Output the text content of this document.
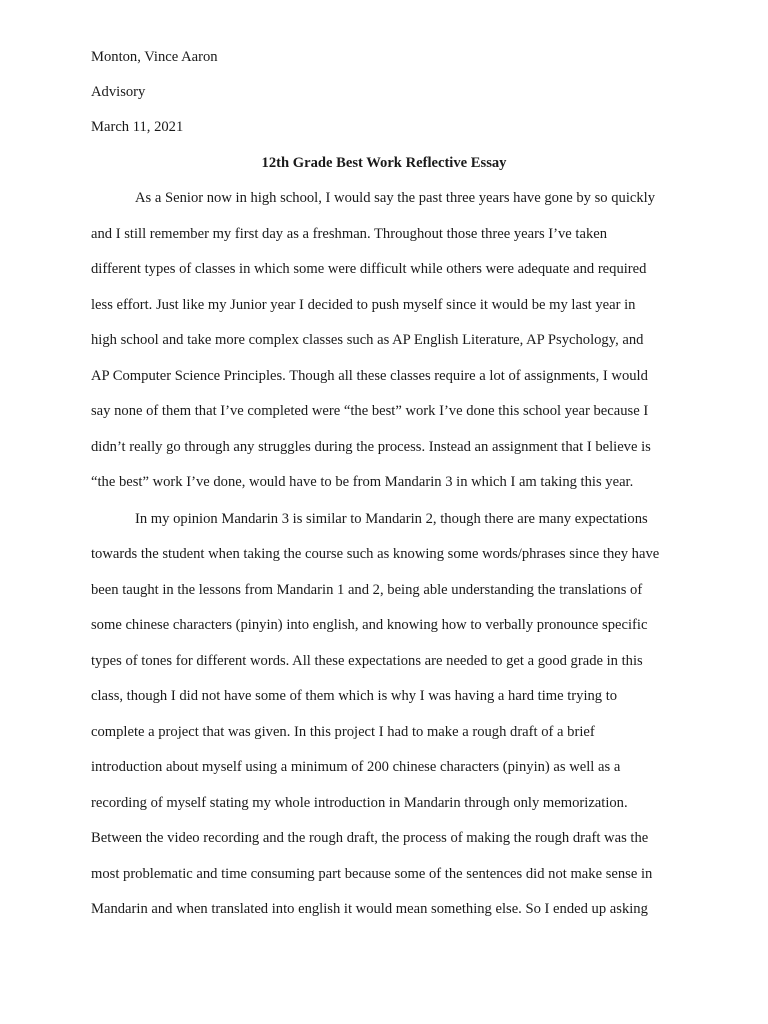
Monton, Vince Aaron
Advisory
March 11, 2021
12th Grade Best Work Reflective Essay
As a Senior now in high school, I would say the past three years have gone by so quickly
and I still remember my first day as a freshman. Throughout those three years I’ve taken
different types of classes in which some were difficult while others were adequate and required
less effort. Just like my Junior year I decided to push myself since it would be my last year in
high school and take more complex classes such as AP English Literature, AP Psychology, and
AP Computer Science Principles. Though all these classes require a lot of assignments, I would
say none of them that I’ve completed were “the best” work I’ve done this school year because I
didn’t really go through any struggles during the process. Instead an assignment that I believe is
“the best” work I’ve done, would have to be from Mandarin 3 in which I am taking this year.
In my opinion Mandarin 3 is similar to Mandarin 2, though there are many expectations
towards the student when taking the course such as knowing some words/phrases since they have
been taught in the lessons from Mandarin 1 and 2, being able understanding the translations of
some chinese characters (pinyin) into english, and knowing how to verbally pronounce specific
types of tones for different words. All these expectations are needed to get a good grade in this
class, though I did not have some of them which is why I was having a hard time trying to
complete a project that was given. In this project I had to make a rough draft of a brief
introduction about myself using a minimum of 200 chinese characters (pinyin) as well as a
recording of myself stating my whole introduction in Mandarin through only memorization.
Between the video recording and the rough draft, the process of making the rough draft was the
most problematic and time consuming part because some of the sentences did not make sense in
Mandarin and when translated into english it would mean something else. So I ended up asking
